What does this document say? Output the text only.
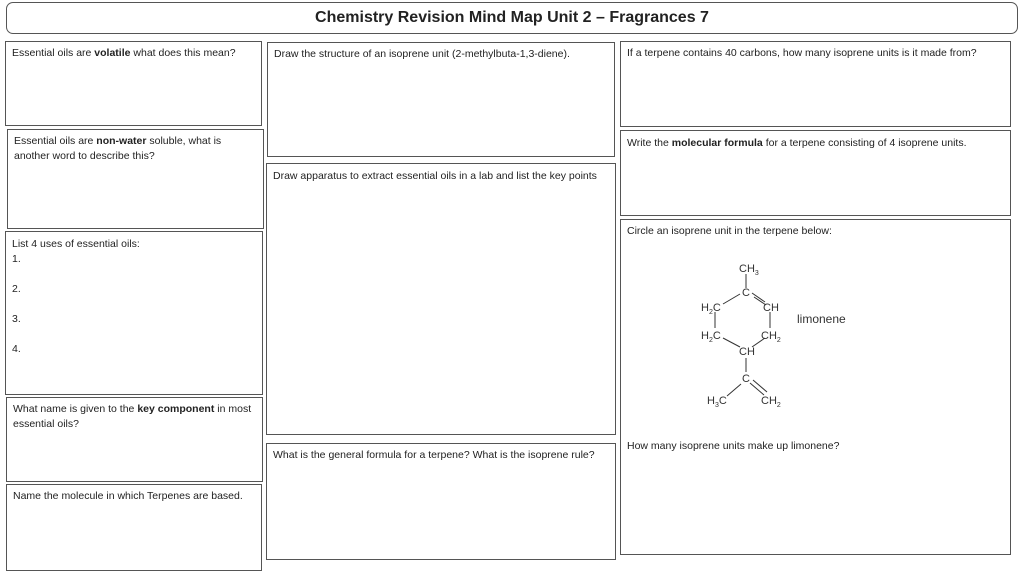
Chemistry Revision Mind Map Unit 2 – Fragrances 7
Essential oils are volatile what does this mean?
Essential oils are non-water soluble, what is another word to describe this?
List 4 uses of essential oils:
1.
2.
3.
4.
What name is given to the key component in most essential oils?
Name the molecule in which Terpenes are based.
Draw the structure of an isoprene unit (2-methylbuta-1,3-diene).
Draw apparatus to extract essential oils in a lab and list the key points
What is the general formula for a terpene? What is the isoprene rule?
If a terpene contains 40 carbons, how many isoprene units is it made from?
Write the molecular formula for a terpene consisting of 4 isoprene units.
Circle an isoprene unit in the terpene below:
$CH_3$
C
$H_2C$	CH
$H_2C$	$CH_2$
CH
C
$H_3C$	$CH_2$
limonene
How many isoprene units make up limonene?
